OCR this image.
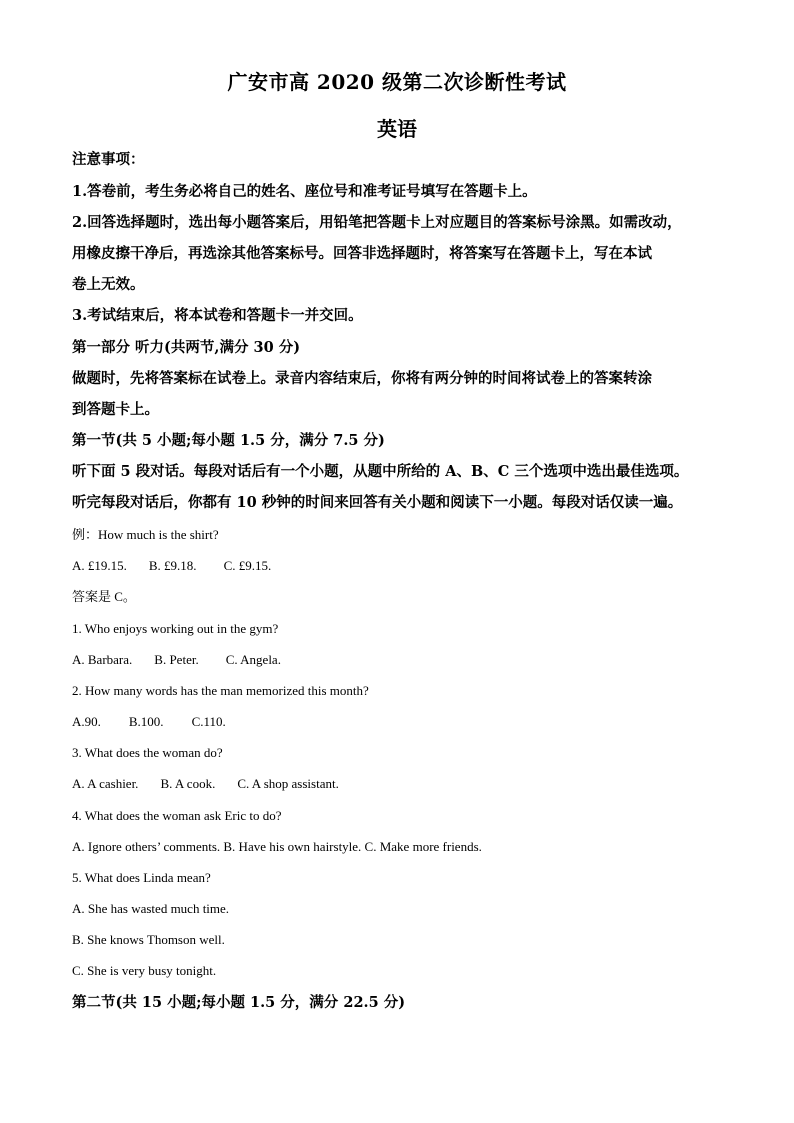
广安市高 2020 级第二次诊断性考试
英语
注意事项：
1.答卷前，考生务必将自己的姓名、座位号和准考证号填写在答题卡上。
2.回答选择题时，选出每小题答案后，用铅笔把答题卡上对应题目的答案标号涂黑。如需改动，
用橡皮擦干净后，再选涂其他答案标号。回答非选择题时，将答案写在答题卡上，写在本试
卷上无效。
3.考试结束后，将本试卷和答题卡一并交回。
第一部分 听力(共两节,满分 30 分)
做题时，先将答案标在试卷上。录音内容结束后，你将有两分钟的时间将试卷上的答案转涂
到答题卡上。
第一节(共 5 小题;每小题 1.5 分，满分 7.5 分)
听下面 5 段对话。每段对话后有一个小题，从题中所给的 A、B、C 三个选项中选出最佳选项。
听完每段对话后，你都有 10 秒钟的时间来回答有关小题和阅读下一小题。每段对话仅读一遍。
例：How much is the shirt?
A. £19.15. B. £9.18. C. £9.15.
答案是 C。
1. Who enjoys working out in the gym?
A. Barbara. B. Peter. C. Angela.
2. How many words has the man memorized this month?
A.90. B.100. C.110.
3. What does the woman do?
A. A cashier. B. A cook. C. A shop assistant.
4. What does the woman ask Eric to do?
A. Ignore others’ comments. B. Have his own hairstyle. C. Make more friends.
5. What does Linda mean?
A. She has wasted much time.
B. She knows Thomson well.
C. She is very busy tonight.
第二节(共 15 小题;每小题 1.5 分，满分 22.5 分)
